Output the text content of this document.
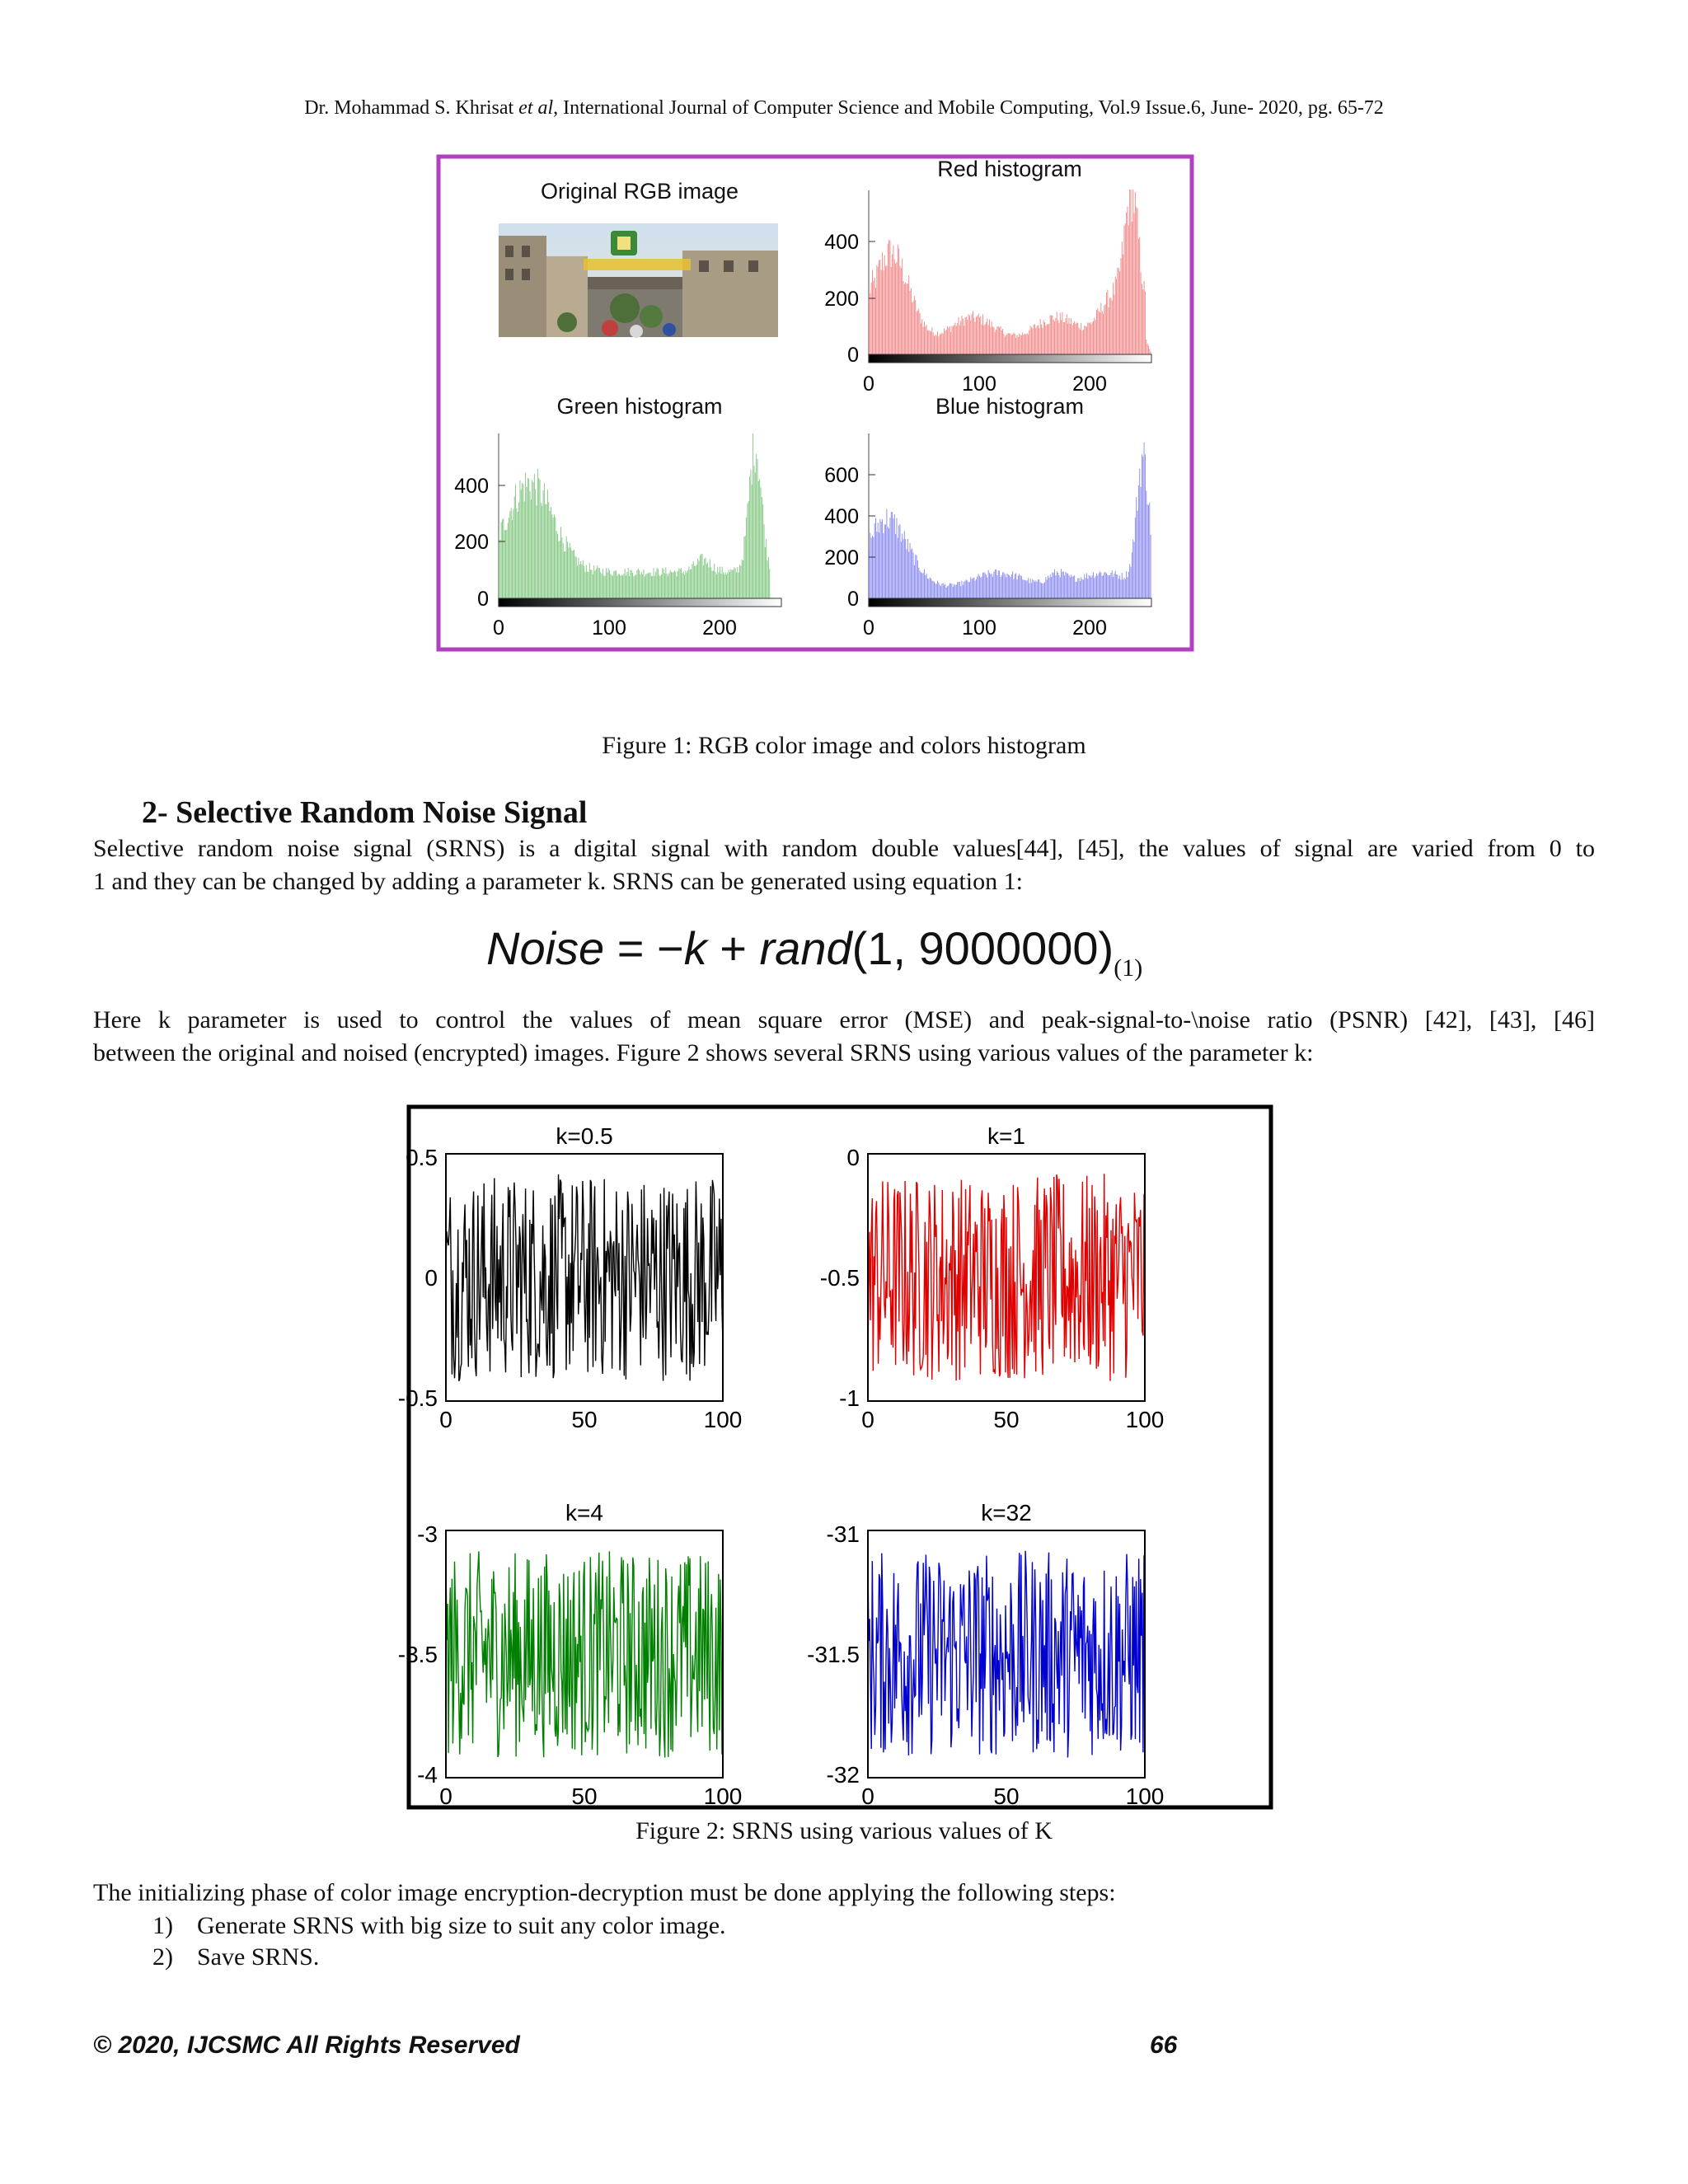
Dr. Mohammad S. Khrisat et al, International Journal of Computer Science and Mobile Computing, Vol.9 Issue.6, June- 2020, pg. 65-72
Original RGB image
Red histogram
400
200
0
0	100	200
Green histogram
400
200
0
0	100	200
Blue histogram
600
400
200
0
0	100	200
Figure 1: RGB color image and colors histogram
2- Selective Random Noise Signal
Selective random noise signal (SRNS) is a digital signal with random double values[44], [45], the values of signal are varied from 0 to
1 and they can be changed by adding a parameter k. SRNS can be generated using equation 1:
Noise = −k + rand(1, $9000000)_{(1)}$
Here k parameter is used to control the values of mean square error (MSE) and peak-signal-to-\noise ratio (PSNR) [42], [43], [46]
between the original and noised (encrypted) images. Figure 2 shows several SRNS using various values of the parameter k:
k=0.5
0.5
0
-0.5
0	50	100
k=1
0
-0.5
-1
0	50	100
k=4
-3
-3.5
-4
0	50	100
k=32
-31
-31.5
-32
0	50	100
Figure 2: SRNS using various values of K
The initializing phase of color image encryption-decryption must be done applying the following steps:
1) Generate SRNS with big size to suit any color image.
2) Save SRNS.
© 2020, IJCSMC All Rights Reserved	66
